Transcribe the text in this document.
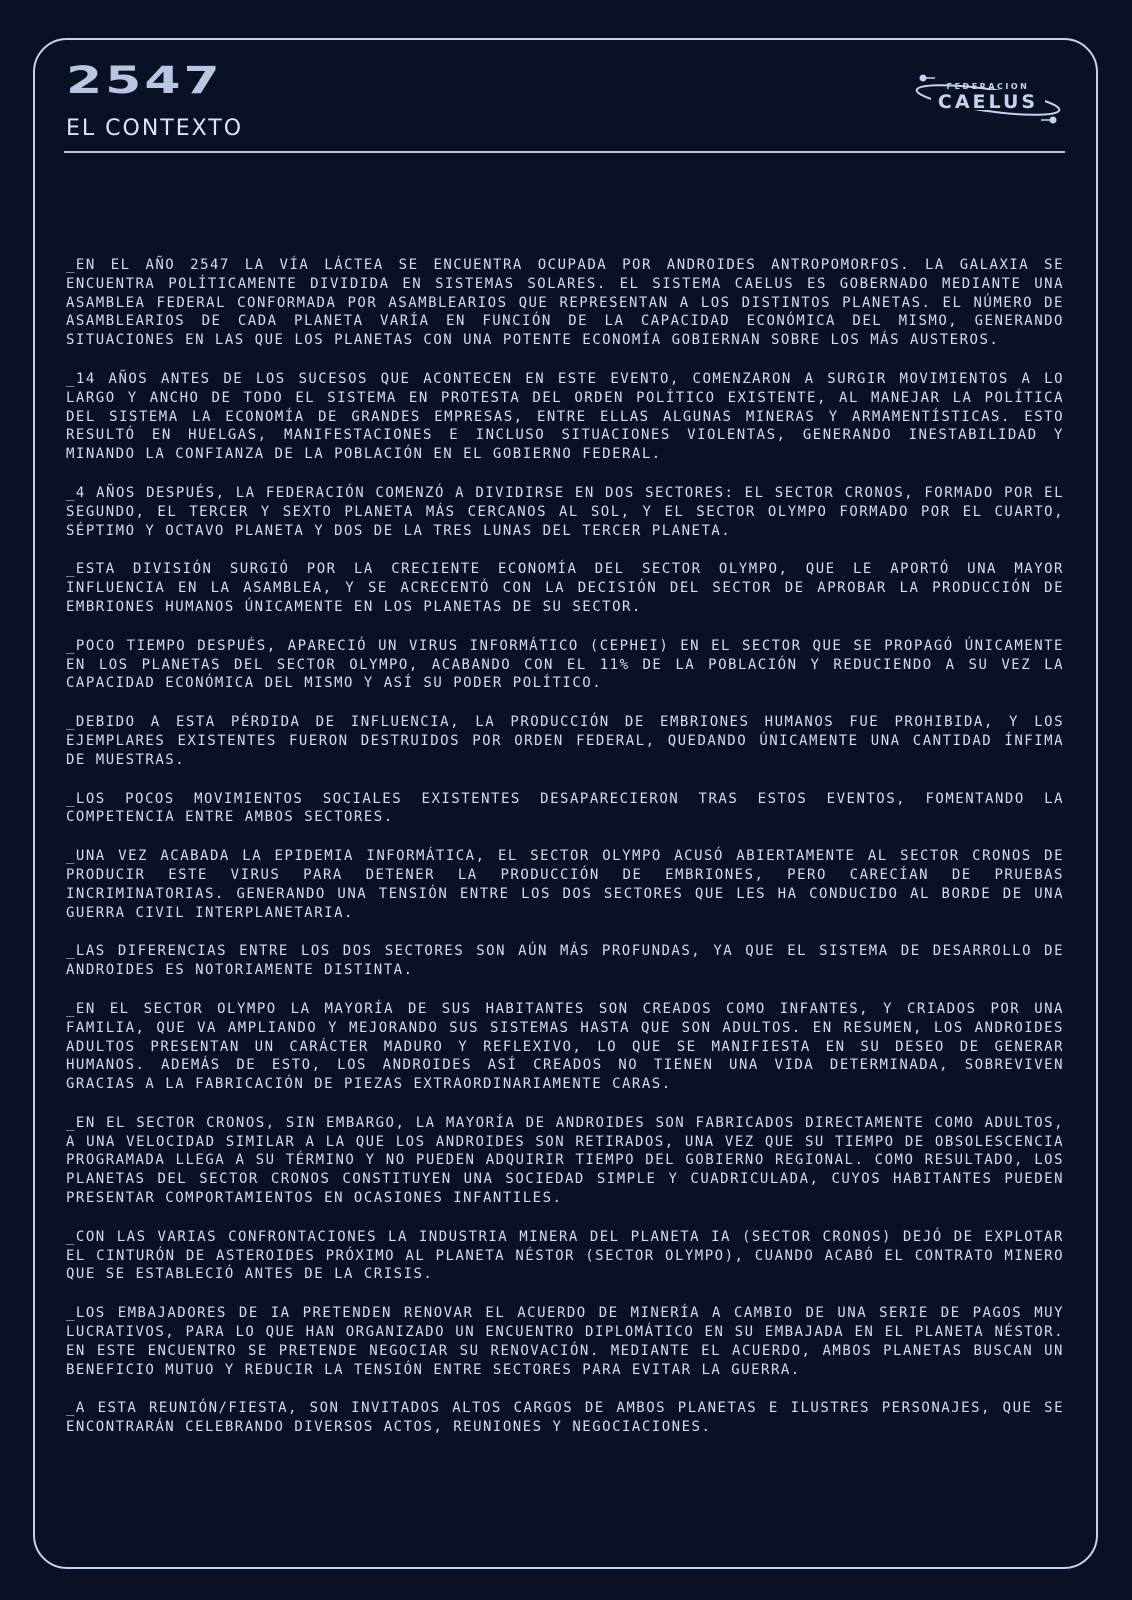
2547
EL CONTEXTO
FEDERACION
CAELUS

_EN EL AÑO 2547 LA VÍA LÁCTEA SE ENCUENTRA OCUPADA POR ANDROIDES ANTROPOMORFOS. LA GALAXIA SE ENCUENTRA POLÍTICAMENTE DIVIDIDA EN SISTEMAS SOLARES. EL SISTEMA CAELUS ES GOBERNADO MEDIANTE UNA ASAMBLEA FEDERAL CONFORMADA POR ASAMBLEARIOS QUE REPRESENTAN A LOS DISTINTOS PLANETAS. EL NÚMERO DE ASAMBLEARIOS DE CADA PLANETA VARÍA EN FUNCIÓN DE LA CAPACIDAD ECONÓMICA DEL MISMO, GENERANDO SITUACIONES EN LAS QUE LOS PLANETAS CON UNA POTENTE ECONOMÍA GOBIERNAN SOBRE LOS MÁS AUSTEROS.

_14 AÑOS ANTES DE LOS SUCESOS QUE ACONTECEN EN ESTE EVENTO, COMENZARON A SURGIR MOVIMIENTOS A LO LARGO Y ANCHO DE TODO EL SISTEMA EN PROTESTA DEL ORDEN POLÍTICO EXISTENTE, AL MANEJAR LA POLÍTICA DEL SISTEMA LA ECONOMÍA DE GRANDES EMPRESAS, ENTRE ELLAS ALGUNAS MINERAS Y ARMAMENTÍSTICAS. ESTO RESULTÓ EN HUELGAS, MANIFESTACIONES E INCLUSO SITUACIONES VIOLENTAS, GENERANDO INESTABILIDAD Y MINANDO LA CONFIANZA DE LA POBLACIÓN EN EL GOBIERNO FEDERAL.

_4 AÑOS DESPUÉS, LA FEDERACIÓN COMENZÓ A DIVIDIRSE EN DOS SECTORES: EL SECTOR CRONOS, FORMADO POR EL SEGUNDO, EL TERCER Y SEXTO PLANETA MÁS CERCANOS AL SOL, Y EL SECTOR OLYMPO FORMADO POR EL CUARTO, SÉPTIMO Y OCTAVO PLANETA Y DOS DE LA TRES LUNAS DEL TERCER PLANETA.

_ESTA DIVISIÓN SURGIÓ POR LA CRECIENTE ECONOMÍA DEL SECTOR OLYMPO, QUE LE APORTÓ UNA MAYOR INFLUENCIA EN LA ASAMBLEA, Y SE ACRECENTÓ CON LA DECISIÓN DEL SECTOR DE APROBAR LA PRODUCCIÓN DE EMBRIONES HUMANOS ÚNICAMENTE EN LOS PLANETAS DE SU SECTOR.

_POCO TIEMPO DESPUÉS, APARECIÓ UN VIRUS INFORMÁTICO (CEPHEI) EN EL SECTOR QUE SE PROPAGÓ ÚNICAMENTE EN LOS PLANETAS DEL SECTOR OLYMPO, ACABANDO CON EL 11% DE LA POBLACIÓN Y REDUCIENDO A SU VEZ LA CAPACIDAD ECONÓMICA DEL MISMO Y ASÍ SU PODER POLÍTICO.

_DEBIDO A ESTA PÉRDIDA DE INFLUENCIA, LA PRODUCCIÓN DE EMBRIONES HUMANOS FUE PROHIBIDA, Y LOS EJEMPLARES EXISTENTES FUERON DESTRUIDOS POR ORDEN FEDERAL, QUEDANDO ÚNICAMENTE UNA CANTIDAD ÍNFIMA DE MUESTRAS.

_LOS POCOS MOVIMIENTOS SOCIALES EXISTENTES DESAPARECIERON TRAS ESTOS EVENTOS, FOMENTANDO LA COMPETENCIA ENTRE AMBOS SECTORES.

_UNA VEZ ACABADA LA EPIDEMIA INFORMÁTICA, EL SECTOR OLYMPO ACUSÓ ABIERTAMENTE AL SECTOR CRONOS DE PRODUCIR ESTE VIRUS PARA DETENER LA PRODUCCIÓN DE EMBRIONES, PERO CARECÍAN DE PRUEBAS INCRIMINATORIAS. GENERANDO UNA TENSIÓN ENTRE LOS DOS SECTORES QUE LES HA CONDUCIDO AL BORDE DE UNA GUERRA CIVIL INTERPLANETARIA.

_LAS DIFERENCIAS ENTRE LOS DOS SECTORES SON AÚN MÁS PROFUNDAS, YA QUE EL SISTEMA DE DESARROLLO DE ANDROIDES ES NOTORIAMENTE DISTINTA.

_EN EL SECTOR OLYMPO LA MAYORÍA DE SUS HABITANTES SON CREADOS COMO INFANTES, Y CRIADOS POR UNA FAMILIA, QUE VA AMPLIANDO Y MEJORANDO SUS SISTEMAS HASTA QUE SON ADULTOS. EN RESUMEN, LOS ANDROIDES ADULTOS PRESENTAN UN CARÁCTER MADURO Y REFLEXIVO, LO QUE SE MANIFIESTA EN SU DESEO DE GENERAR HUMANOS. ADEMÁS DE ESTO, LOS ANDROIDES ASÍ CREADOS NO TIENEN UNA VIDA DETERMINADA, SOBREVIVEN GRACIAS A LA FABRICACIÓN DE PIEZAS EXTRAORDINARIAMENTE CARAS.

_EN EL SECTOR CRONOS, SIN EMBARGO, LA MAYORÍA DE ANDROIDES SON FABRICADOS DIRECTAMENTE COMO ADULTOS, A UNA VELOCIDAD SIMILAR A LA QUE LOS ANDROIDES SON RETIRADOS, UNA VEZ QUE SU TIEMPO DE OBSOLESCENCIA PROGRAMADA LLEGA A SU TÉRMINO Y NO PUEDEN ADQUIRIR TIEMPO DEL GOBIERNO REGIONAL. COMO RESULTADO, LOS PLANETAS DEL SECTOR CRONOS CONSTITUYEN UNA SOCIEDAD SIMPLE Y CUADRICULADA, CUYOS HABITANTES PUEDEN PRESENTAR COMPORTAMIENTOS EN OCASIONES INFANTILES.

_CON LAS VARIAS CONFRONTACIONES LA INDUSTRIA MINERA DEL PLANETA IA (SECTOR CRONOS) DEJÓ DE EXPLOTAR EL CINTURÓN DE ASTEROIDES PRÓXIMO AL PLANETA NÉSTOR (SECTOR OLYMPO), CUANDO ACABÓ EL CONTRATO MINERO QUE SE ESTABLECIÓ ANTES DE LA CRISIS.

_LOS EMBAJADORES DE IA PRETENDEN RENOVAR EL ACUERDO DE MINERÍA A CAMBIO DE UNA SERIE DE PAGOS MUY LUCRATIVOS, PARA LO QUE HAN ORGANIZADO UN ENCUENTRO DIPLOMÁTICO EN SU EMBAJADA EN EL PLANETA NÉSTOR. EN ESTE ENCUENTRO SE PRETENDE NEGOCIAR SU RENOVACIÓN. MEDIANTE EL ACUERDO, AMBOS PLANETAS BUSCAN UN BENEFICIO MUTUO Y REDUCIR LA TENSIÓN ENTRE SECTORES PARA EVITAR LA GUERRA.

_A ESTA REUNIÓN/FIESTA, SON INVITADOS ALTOS CARGOS DE AMBOS PLANETAS E ILUSTRES PERSONAJES, QUE SE ENCONTRARÁN CELEBRANDO DIVERSOS ACTOS, REUNIONES Y NEGOCIACIONES.
